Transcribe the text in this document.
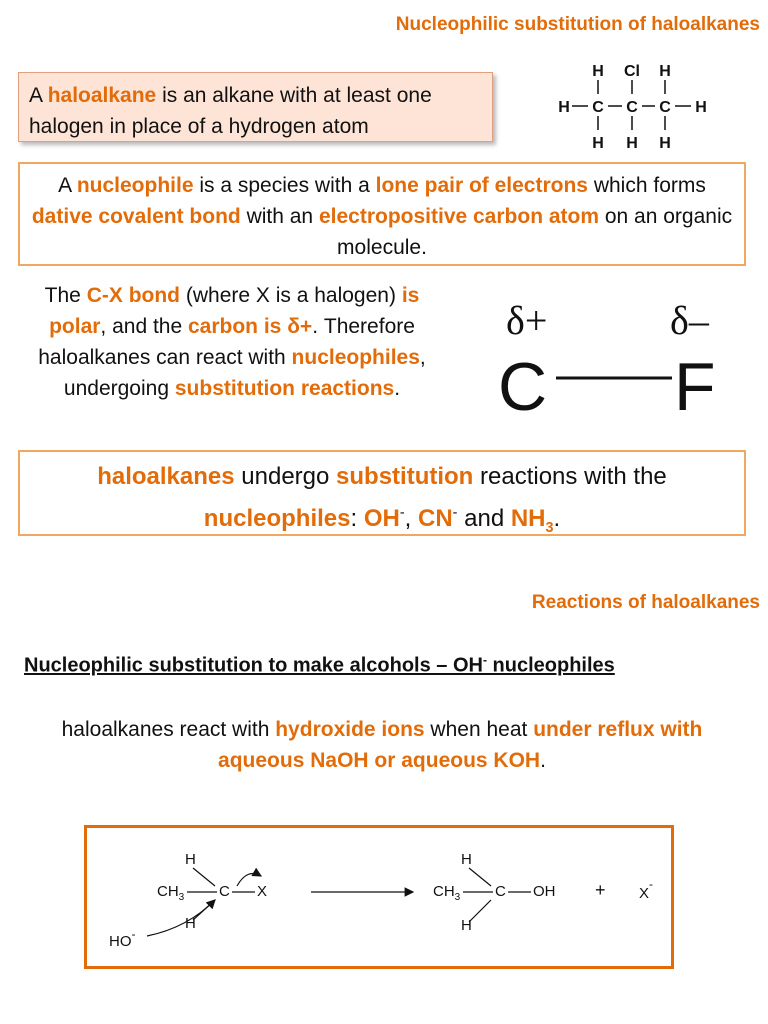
Nucleophilic substitution of haloalkanes
A haloalkane is an alkane with at least one halogen in place of a hydrogen atom
H Cl H
H C C C H
H H H
A nucleophile is a species with a lone pair of electrons which forms dative covalent bond with an electropositive carbon atom on an organic molecule.
The C-X bond (where X is a halogen) is polar, and the carbon is δ+. Therefore haloalkanes can react with nucleophiles, undergoing substitution reactions.
δ+	δ–
C F
haloalkanes undergo substitution reactions with the
nucleophiles: OH-, CN- and $NH_3$.
Reactions of haloalkanes
Nucleophilic substitution to make alcohols – OH- nucleophiles
haloalkanes react with hydroxide ions when heat under reflux with aqueous NaOH or aqueous KOH.
H
$CH_3$ C X
H
HO-
H
$CH_3$ C OH
H
+ X-
